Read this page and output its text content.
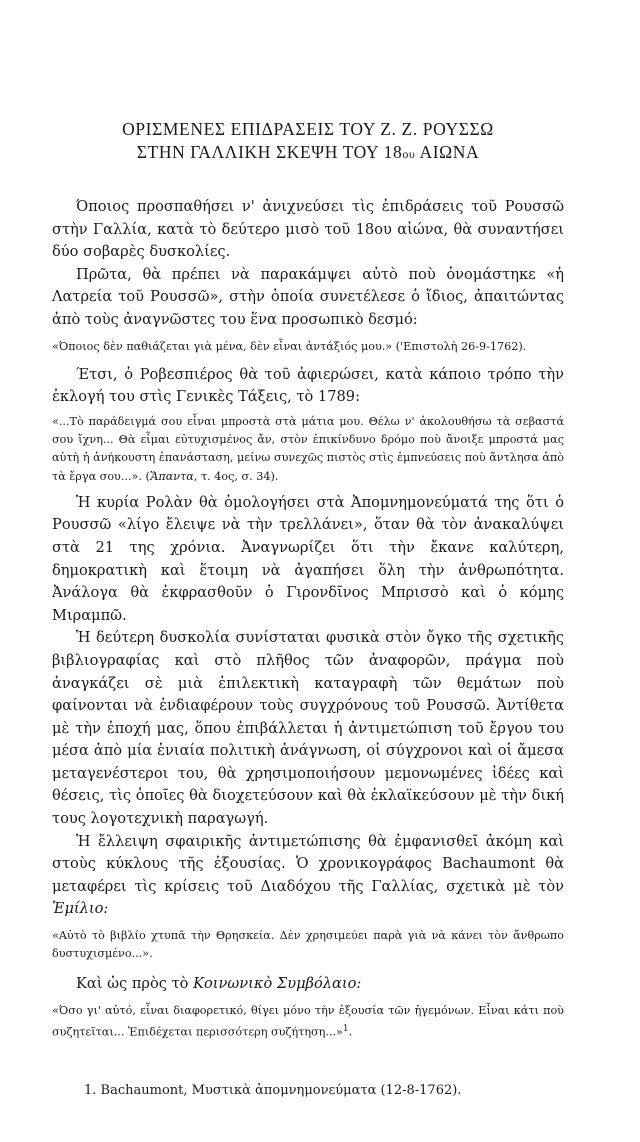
ΟΡΙΣΜΕΝΕΣ ΕΠΙΔΡΑΣΕΙΣ ΤΟΥ Ζ. Ζ. ΡΟΥΣΣΩ
ΣΤΗΝ ΓΑΛΛΙΚΗ ΣΚΕΨΗ ΤΟΥ 18ου ΑΙΩΝΑ

Όποιος προσπαθήσει ν' ἀνιχνεύσει τὶς ἐπιδράσεις τοῦ Ρουσσῶ στὴν Γαλλία, κατὰ τὸ δεύτερο μισὸ τοῦ 18ου αἰώνα, θὰ συναντήσει δύο σοβαρὲς δυσκολίες.

Πρῶτα, θὰ πρέπει νὰ παρακάμψει αὐτὸ ποὺ ὀνομάστηκε «ἡ Λατρεία τοῦ Ρουσσῶ», στὴν ὁποία συνετέλεσε ὁ ἴδιος, ἀπαιτώντας ἀπὸ τοὺς ἀναγνῶστες του ἕνα προσωπικὸ δεσμό:

«Όποιος δὲν παθιάζεται γιὰ μένα, δὲν εἶναι ἀντάξιός μου.» ('Επιστολὴ 26-9-1762).

Έτσι, ὁ Ροβεσπιέρος θὰ τοῦ ἀφιερώσει, κατὰ κάποιο τρόπο τὴν ἐκλογή του στὶς Γενικὲς Τάξεις, τὸ 1789:

«...Τὸ παράδειγμά σου εἶναι μπροστὰ στὰ μάτια μου. Θέλω ν' ἀκολουθήσω τὰ σεβαστά σου ἴχνη... Θὰ εἶμαι εὐτυχισμένος ἄν, στὸν ἐπικίνδυνο δρόμο ποὺ ἄνοιξε μπροστά μας αὐτὴ ἡ ἀνήκουστη ἐπανάσταση, μείνω συνεχῶς πιστὸς στὶς ἐμπνεύσεις ποὺ ἄντλησα ἀπὸ τὰ ἔργα σου...». (Ἅπαντα, τ. 4ος, σ. 34).

Ἡ κυρία Ρολὰν θὰ ὁμολογήσει στὰ Ἀπομνημονεύματά της ὅτι ὁ Ρουσσῶ «λίγο ἔλειψε νὰ τὴν τρελλάνει», ὅταν θὰ τὸν ἀνακαλύψει στὰ 21 της χρόνια. Ἀναγνωρίζει ὅτι τὴν ἔκανε καλύτερη, δημοκρατικὴ καὶ ἕτοιμη νὰ ἀγαπήσει ὅλη τὴν ἀνθρωπότητα. Ἀνάλογα θὰ ἐκφρασθοῦν ὁ Γιρονδῖνος Μπρισσὸ καὶ ὁ κόμης Μιραμπῶ.

Ἡ δεύτερη δυσκολία συνίσταται φυσικὰ στὸν ὄγκο τῆς σχετικῆς βιβλιογραφίας καὶ στὸ πλῆθος τῶν ἀναφορῶν, πράγμα ποὺ ἀναγκάζει σὲ μιὰ ἐπιλεκτικὴ καταγραφὴ τῶν θεμάτων ποὺ φαίνονται νὰ ἐνδιαφέρουν τοὺς συγχρόνους τοῦ Ρουσσῶ. Ἀντίθετα μὲ τὴν ἐποχή μας, ὅπου ἐπιβάλλεται ἡ ἀντιμετώπιση τοῦ ἔργου του μέσα ἀπὸ μία ἑνιαία πολιτικὴ ἀνάγνωση, οἱ σύγχρονοι καὶ οἱ ἄμεσα μεταγενέστεροι του, θὰ χρησιμοποιήσουν μεμονωμένες ἰδέες καὶ θέσεις, τὶς ὁποῖες θὰ διοχετεύσουν καὶ θὰ ἐκλαϊκεύσουν μὲ τὴν δική τους λογοτεχνικὴ παραγωγή.

Ἡ ἔλλειψη σφαιρικῆς ἀντιμετώπισης θὰ ἐμφανισθεῖ ἀκόμη καὶ στοὺς κύκλους τῆς ἐξουσίας. Ὁ χρονικογράφος Bachaumont θὰ μεταφέρει τὶς κρίσεις τοῦ Διαδόχου τῆς Γαλλίας, σχετικὰ μὲ τὸν Ἐμίλιο:

«Αὐτὸ τὸ βιβλίο χτυπᾶ τὴν Θρησκεία. Δὲν χρησιμεύει παρὰ γιὰ νὰ κάνει τὸν ἄνθρωπο δυστυχισμένο...».

Καὶ ὡς πρὸς τὸ Κοινωνικὸ Συμβόλαιο:

«Όσο γι' αὐτό, εἶναι διαφορετικό, θίγει μόνο τὴν ἐξουσία τῶν ἡγεμόνων. Εἶναι κάτι ποὺ συζητεῖται... Ἐπιδέχεται περισσότερη συζήτηση...»$^1$.

1. Bachaumont, Μυστικὰ ἀπομνημονεύματα (12-8-1762).
